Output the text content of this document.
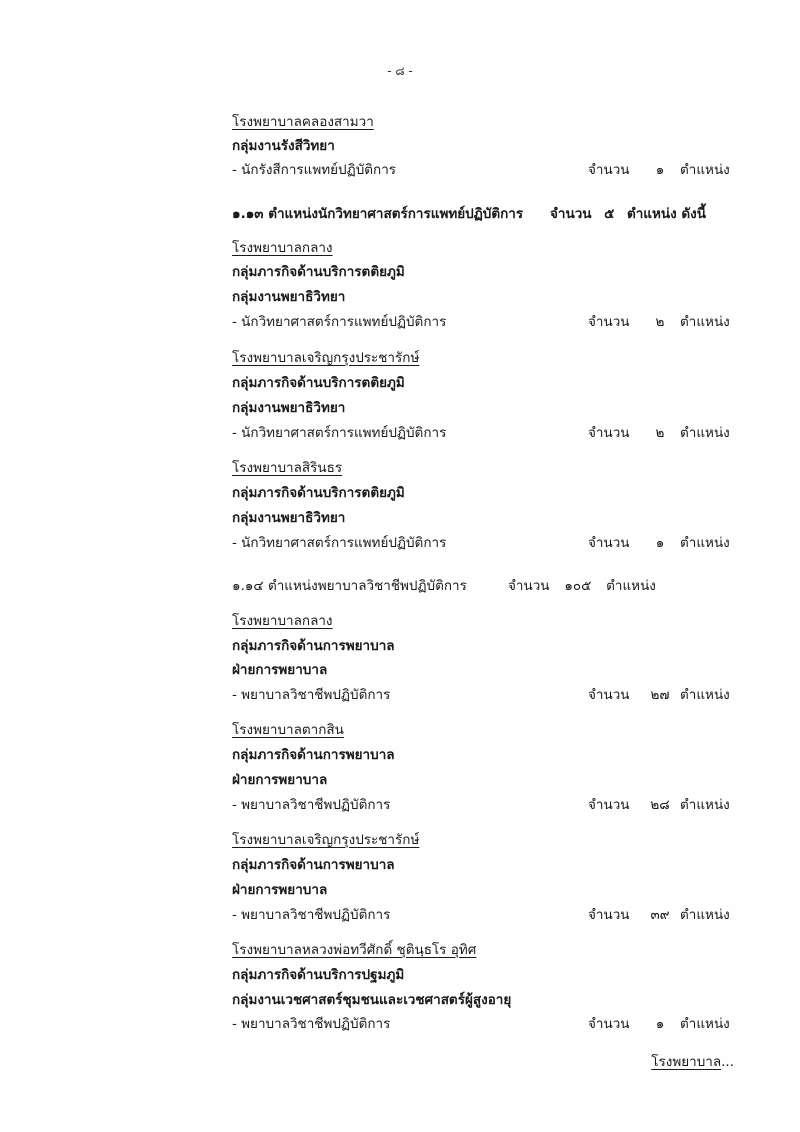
- ๘ -
โรงพยาบาลคลองสามวา
กลุ่มงานรังสีวิทยา
- นักรังสีการแพทย์ปฏิบัติการ	จำนวน ๑ ตำแหน่ง
๑.๑๓ ตำแหน่งนักวิทยาศาสตร์การแพทย์ปฏิบัติการ จำนวน ๕ ตำแหน่ง ดังนี้
โรงพยาบาลกลาง
กลุ่มภารกิจด้านบริการตติยภูมิ
กลุ่มงานพยาธิวิทยา
- นักวิทยาศาสตร์การแพทย์ปฏิบัติการ	จำนวน ๒ ตำแหน่ง
โรงพยาบาลเจริญกรุงประชารักษ์
กลุ่มภารกิจด้านบริการตติยภูมิ
กลุ่มงานพยาธิวิทยา
- นักวิทยาศาสตร์การแพทย์ปฏิบัติการ	จำนวน ๒ ตำแหน่ง
โรงพยาบาลสิรินธร
กลุ่มภารกิจด้านบริการตติยภูมิ
กลุ่มงานพยาธิวิทยา
- นักวิทยาศาสตร์การแพทย์ปฏิบัติการ	จำนวน ๑ ตำแหน่ง
๑.๑๔ ตำแหน่งพยาบาลวิชาชีพปฏิบัติการ	จำนวน ๑๐๕ ตำแหน่ง
โรงพยาบาลกลาง
กลุ่มภารกิจด้านการพยาบาล
ฝ่ายการพยาบาล
- พยาบาลวิชาชีพปฏิบัติการ	จำนวน ๒๗ ตำแหน่ง
โรงพยาบาลตากสิน
กลุ่มภารกิจด้านการพยาบาล
ฝ่ายการพยาบาล
- พยาบาลวิชาชีพปฏิบัติการ	จำนวน ๒๘ ตำแหน่ง
โรงพยาบาลเจริญกรุงประชารักษ์
กลุ่มภารกิจด้านการพยาบาล
ฝ่ายการพยาบาล
- พยาบาลวิชาชีพปฏิบัติการ	จำนวน ๓๙ ตำแหน่ง
โรงพยาบาลหลวงพ่อทวีศักดิ์ ชุตินฺธโร อุทิศ
กลุ่มภารกิจด้านบริการปฐมภูมิ
กลุ่มงานเวชศาสตร์ชุมชนและเวชศาสตร์ผู้สูงอายุ
- พยาบาลวิชาชีพปฏิบัติการ	จำนวน ๑ ตำแหน่ง
โรงพยาบาล...
